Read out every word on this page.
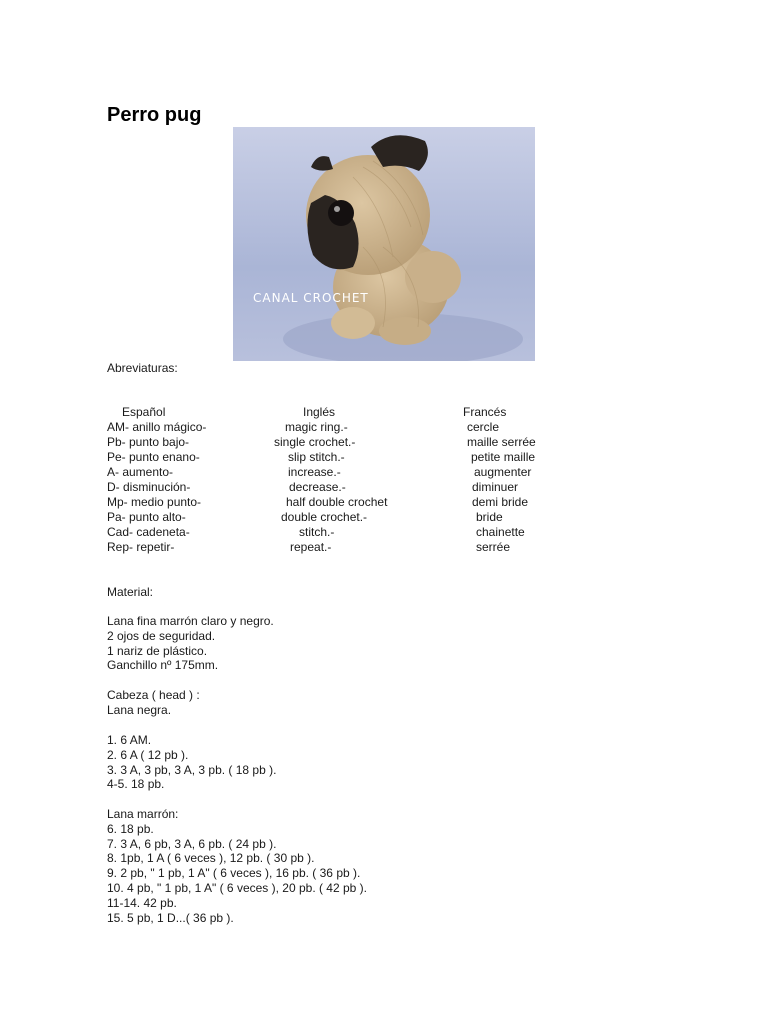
Perro pug
CANAL CROCHET
Abreviaturas:
Español	Inglés	Francés
AM- anillo mágico-	magic ring.-	cercle
Pb- punto bajo-	single crochet.-	maille serrée
Pe- punto enano-	slip stitch.-	petite maille
A- aumento-	increase.-	augmenter
D- disminución-	decrease.-	diminuer
Mp- medio punto-	half double crochet	demi bride
Pa- punto alto-	double crochet.-	bride
Cad- cadeneta-	stitch.-	chainette
Rep- repetir-	repeat.-	serrée
Material:
Lana fina marrón claro y negro.
2 ojos de seguridad.
1 nariz de plástico.
Ganchillo nº 175mm.
Cabeza ( head ) :
Lana negra.
1. 6 AM.
2. 6 A ( 12 pb ).
3. 3 A, 3 pb, 3 A, 3 pb. ( 18 pb ).
4-5. 18 pb.
Lana marrón:
6. 18 pb.
7. 3 A, 6 pb, 3 A, 6 pb. ( 24 pb ).
8. 1pb, 1 A ( 6 veces ), 12 pb. ( 30 pb ).
9. 2 pb, " 1 pb, 1 A" ( 6 veces ), 16 pb. ( 36 pb ).
10. 4 pb, " 1 pb, 1 A" ( 6 veces ), 20 pb. ( 42 pb ).
11-14. 42 pb.
15. 5 pb, 1 D...( 36 pb ).
